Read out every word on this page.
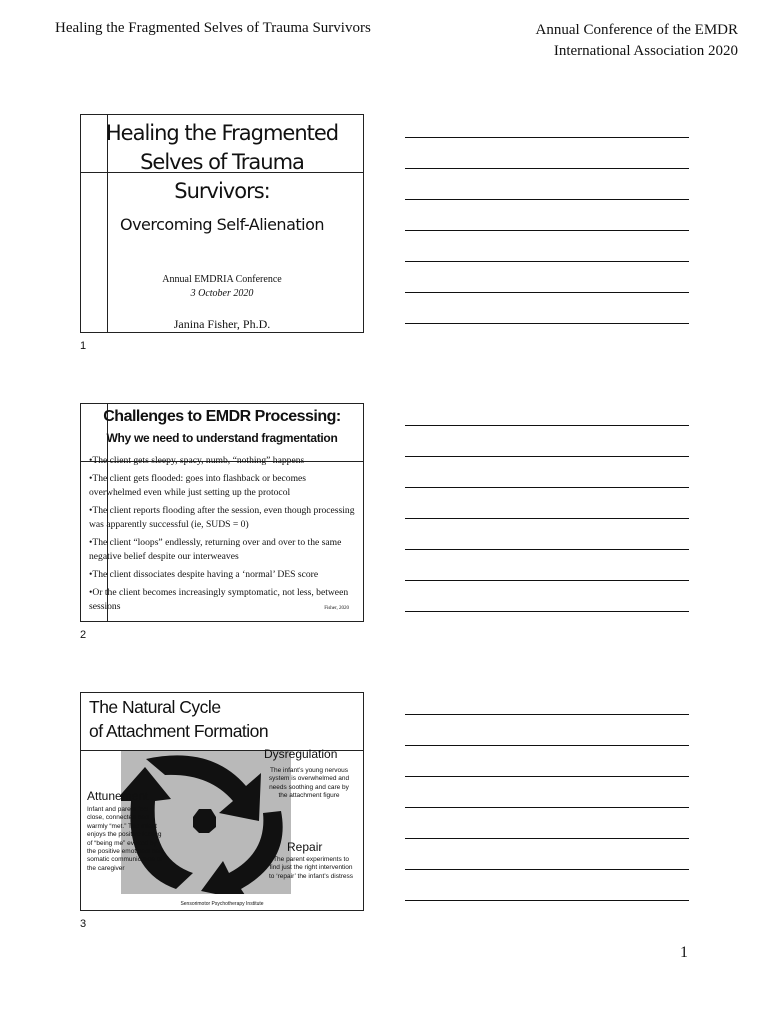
Healing the Fragmented Selves of Trauma Survivors	Annual Conference of the EMDR
International Association 2020
Healing the Fragmented
Selves of Trauma
Survivors:
Overcoming Self-Alienation
Annual EMDRIA Conference
3 October 2020
Janina Fisher, Ph.D.
1
Challenges to EMDR Processing:
Why we need to understand fragmentation

•The client gets sleepy, spacy, numb, “nothing” happens

•The client gets flooded: goes into flashback or becomes overwhelmed even while just setting up the protocol

•The client reports flooding after the session, even though processing was apparently successful (ie, SUDS = 0)

•The client “loops” endlessly, returning over and over to the same negative belief despite our interweaves

•The client dissociates despite having a ‘normal’ DES score

•Or the client becomes increasingly symptomatic, not less, between sessions	Fisher, 2020
2
The Natural Cycle
of Attachment Formation
Dysregulation
The infant’s young nervous system is overwhelmed and needs soothing and care by the attachment figure
Attunement
Infant and parent feel close, connected and warmly “met.” The infant enjoys the positive feeling of “being me” evoked by the positive emotional and somatic communication of the caregiver
Repair
The parent experiments to find just the right intervention to ‘repair’ the infant’s distress
Sensorimotor Psychotherapy Institute
3
1
